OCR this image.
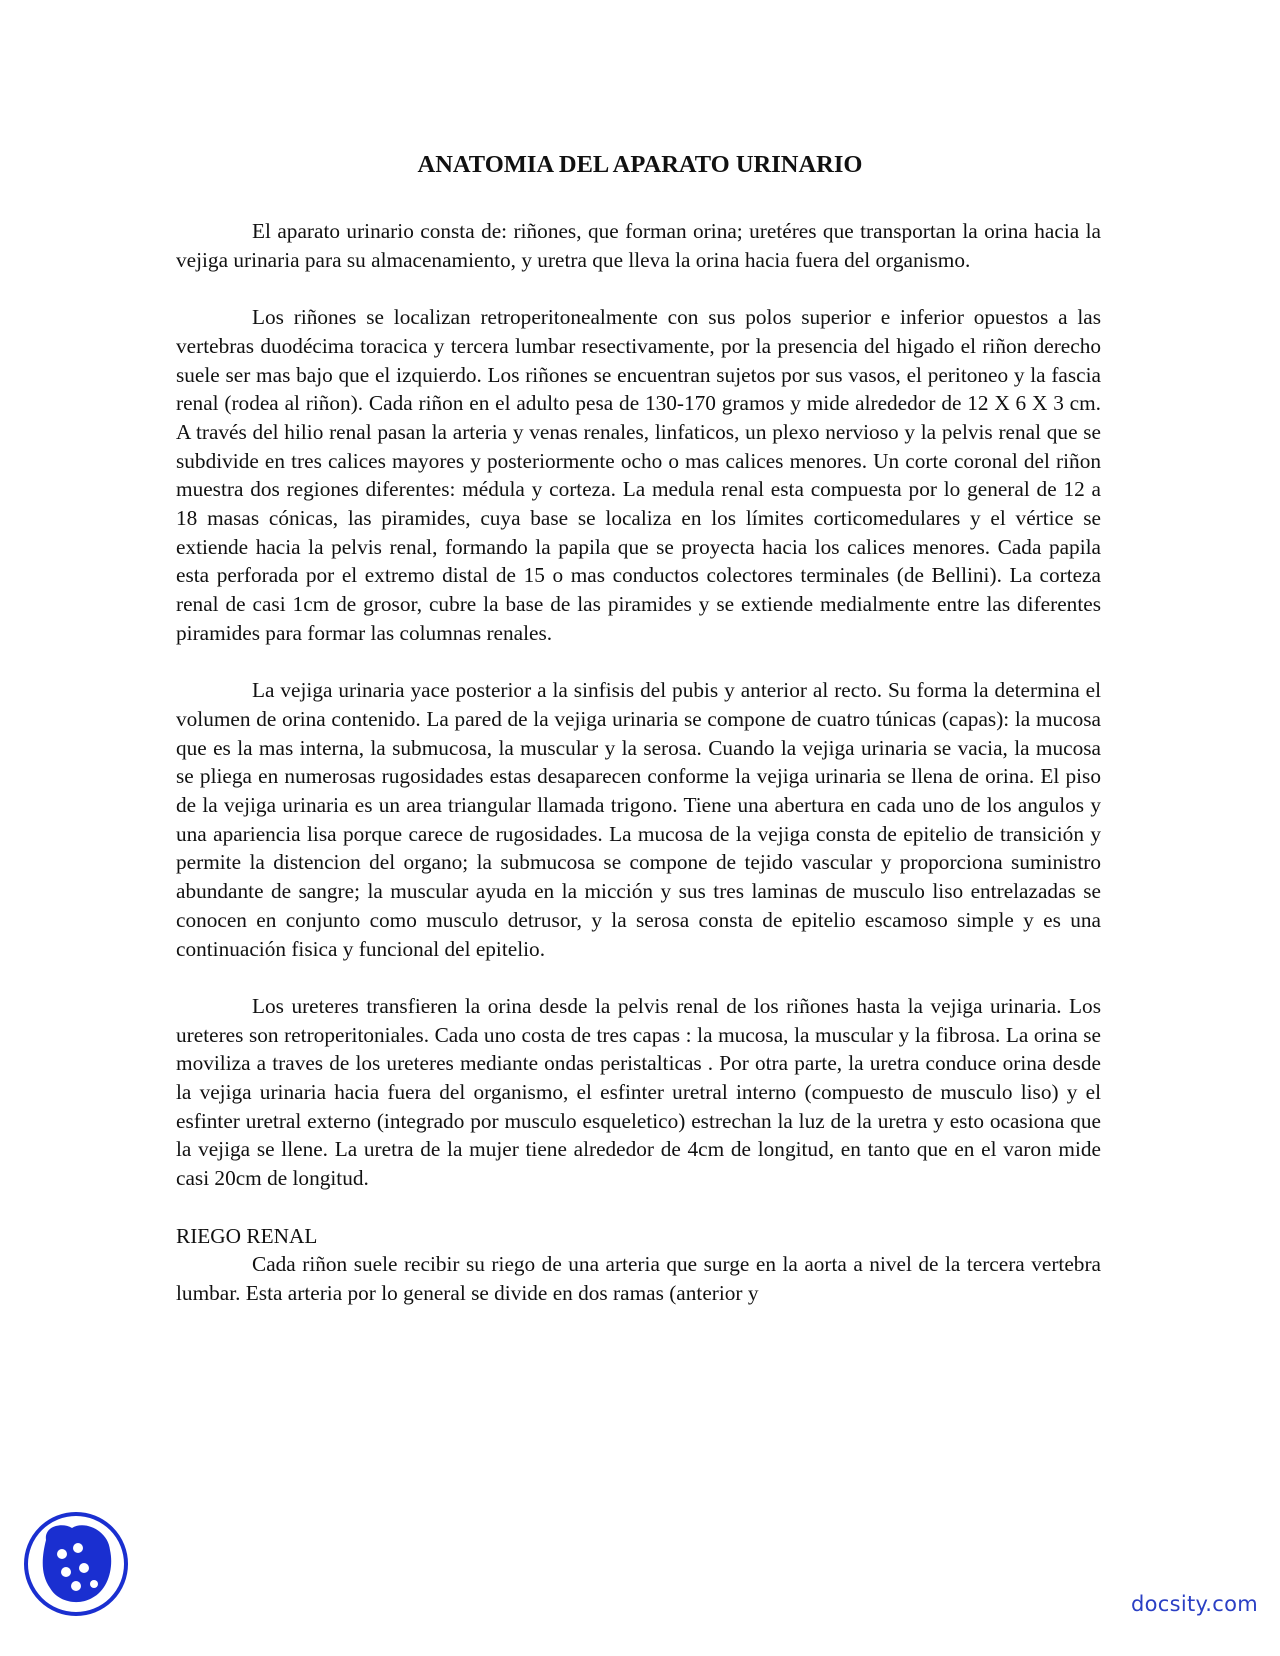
ANATOMIA DEL APARATO URINARIO

El aparato urinario consta de: riñones, que forman orina; uretéres que transportan la orina hacia la vejiga urinaria para su almacenamiento, y uretra que lleva la orina hacia fuera del organismo.

Los riñones se localizan retroperitonealmente con sus polos superior e inferior opuestos a las vertebras duodécima toracica y tercera lumbar resectivamente, por la presencia del higado el riñon derecho suele ser mas bajo que el izquierdo. Los riñones se encuentran sujetos por sus vasos, el peritoneo y la fascia renal (rodea al riñon). Cada riñon en el adulto pesa de 130-170 gramos y mide alrededor de 12 X 6 X 3 cm. A través del hilio renal pasan la arteria y venas renales, linfaticos, un plexo nervioso y la pelvis renal que se subdivide en tres calices mayores y posteriormente ocho o mas calices menores. Un corte coronal del riñon muestra dos regiones diferentes: médula y corteza. La medula renal esta compuesta por lo general de 12 a 18 masas cónicas, las piramides, cuya base se localiza en los límites corticomedulares y el vértice se extiende hacia la pelvis renal, formando la papila que se proyecta hacia los calices menores. Cada papila esta perforada por el extremo distal de 15 o mas conductos colectores terminales (de Bellini). La corteza renal de casi 1cm de grosor, cubre la base de las piramides y se extiende medialmente entre las diferentes piramides para formar las columnas renales.

La vejiga urinaria yace posterior a la sinfisis del pubis y anterior al recto. Su forma la determina el volumen de orina contenido. La pared de la vejiga urinaria se compone de cuatro túnicas (capas): la mucosa que es la mas interna, la submucosa, la muscular y la serosa. Cuando la vejiga urinaria se vacia, la mucosa se pliega en numerosas rugosidades estas desaparecen conforme la vejiga urinaria se llena de orina. El piso de la vejiga urinaria es un area triangular llamada trigono. Tiene una abertura en cada uno de los angulos y una apariencia lisa porque carece de rugosidades. La mucosa de la vejiga consta de epitelio de transición y permite la distencion del organo; la submucosa se compone de tejido vascular y proporciona suministro abundante de sangre; la muscular ayuda en la micción y sus tres laminas de musculo liso entrelazadas se conocen en conjunto como musculo detrusor, y la serosa consta de epitelio escamoso simple y es una continuación fisica y funcional del epitelio.

Los ureteres transfieren la orina desde la pelvis renal de los riñones hasta la vejiga urinaria. Los ureteres son retroperitoniales. Cada uno costa de tres capas : la mucosa, la muscular y la fibrosa. La orina se moviliza a traves de los ureteres mediante ondas peristalticas . Por otra parte, la uretra conduce orina desde la vejiga urinaria hacia fuera del organismo, el esfinter uretral interno (compuesto de musculo liso) y el esfinter uretral externo (integrado por musculo esqueletico) estrechan la luz de la uretra y esto ocasiona que la vejiga se llene. La uretra de la mujer tiene alrededor de 4cm de longitud, en tanto que en el varon mide casi 20cm de longitud.

RIEGO RENAL

Cada riñon suele recibir su riego de una arteria que surge en la aorta a nivel de la tercera vertebra lumbar. Esta arteria por lo general se divide en dos ramas (anterior y

docsity.com
